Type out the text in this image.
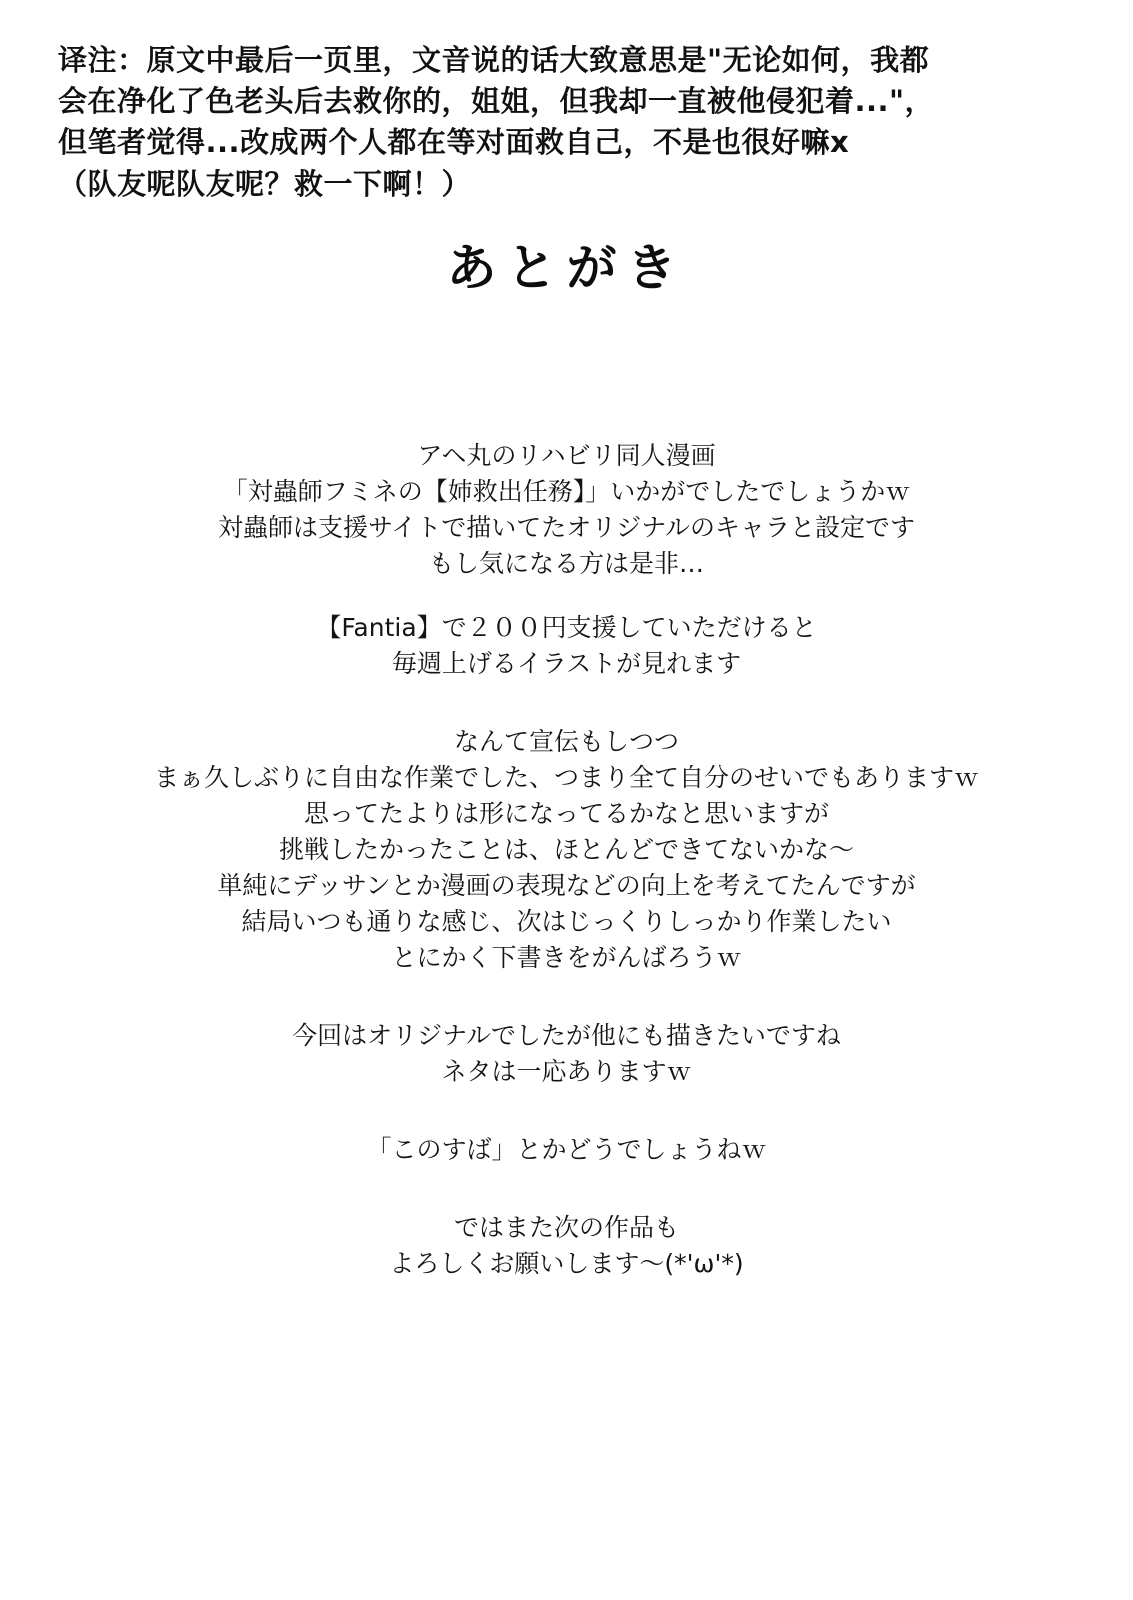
译注：原文中最后一页里，文音说的话大致意思是"无论如何，我都
会在净化了色老头后去救你的，姐姐，但我却一直被他侵犯着..."，
但笔者觉得...改成两个人都在等对面救自己，不是也很好嘛x
（队友呢队友呢？救一下啊！）
あとがき
アヘ丸のリハビリ同人漫画
「対蟲師フミネの【姉救出任務】」いかがでしたでしょうかｗ
対蟲師は支援サイトで描いてたオリジナルのキャラと設定です
もし気になる方は是非…
【Fantia】で２００円支援していただけると
毎週上げるイラストが見れます
なんて宣伝もしつつ
まぁ久しぶりに自由な作業でした、つまり全て自分のせいでもありますｗ
思ってたよりは形になってるかなと思いますが
挑戦したかったことは、ほとんどできてないかな〜
単純にデッサンとか漫画の表現などの向上を考えてたんですが
結局いつも通りな感じ、次はじっくりしっかり作業したい
とにかく下書きをがんばろうｗ
今回はオリジナルでしたが他にも描きたいですね
ネタは一応ありますｗ
「このすば」とかどうでしょうねｗ
ではまた次の作品も
よろしくお願いします〜(*'ω'*)
